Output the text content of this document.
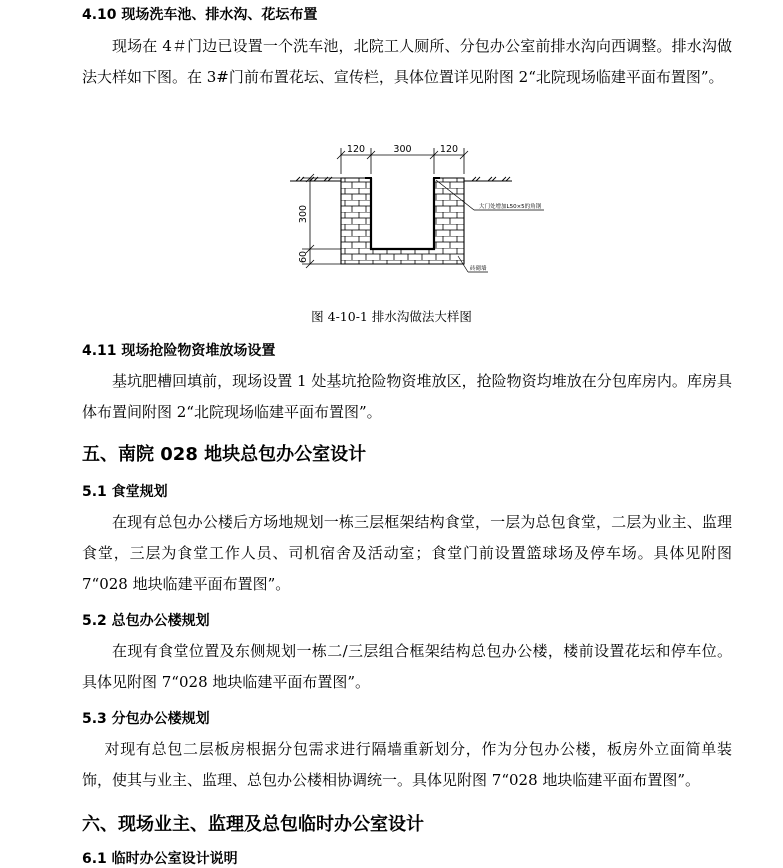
4.10 现场洗车池、排水沟、花坛布置

现场在 4＃门边已设置一个洗车池，北院工人厕所、分包办公室前排水沟向西调整。排水沟做法大样如下图。在 3#门前布置花坛、宣传栏，具体位置详见附图 2“北院现场临建平面布置图”。

120	300	120
300
60
大门处增加L50×5的角钢
砖砌墙
图 4-10-1 排水沟做法大样图
4.11 现场抢险物资堆放场设置

基坑肥槽回填前，现场设置 1 处基坑抢险物资堆放区，抢险物资均堆放在分包库房内。库房具体布置间附图 2“北院现场临建平面布置图”。

五、南院 028 地块总包办公室设计
5.1 食堂规划

在现有总包办公楼后方场地规划一栋三层框架结构食堂，一层为总包食堂，二层为业主、监理食堂，三层为食堂工作人员、司机宿舍及活动室；食堂门前设置篮球场及停车场。具体见附图 7“028 地块临建平面布置图”。

5.2 总包办公楼规划

在现有食堂位置及东侧规划一栋二/三层组合框架结构总包办公楼，楼前设置花坛和停车位。具体见附图 7“028 地块临建平面布置图”。

5.3 分包办公楼规划

对现有总包二层板房根据分包需求进行隔墙重新划分，作为分包办公楼，板房外立面简单装饰，使其与业主、监理、总包办公楼相协调统一。具体见附图 7“028 地块临建平面布置图”。

六、现场业主、监理及总包临时办公室设计
6.1 临时办公室设计说明
